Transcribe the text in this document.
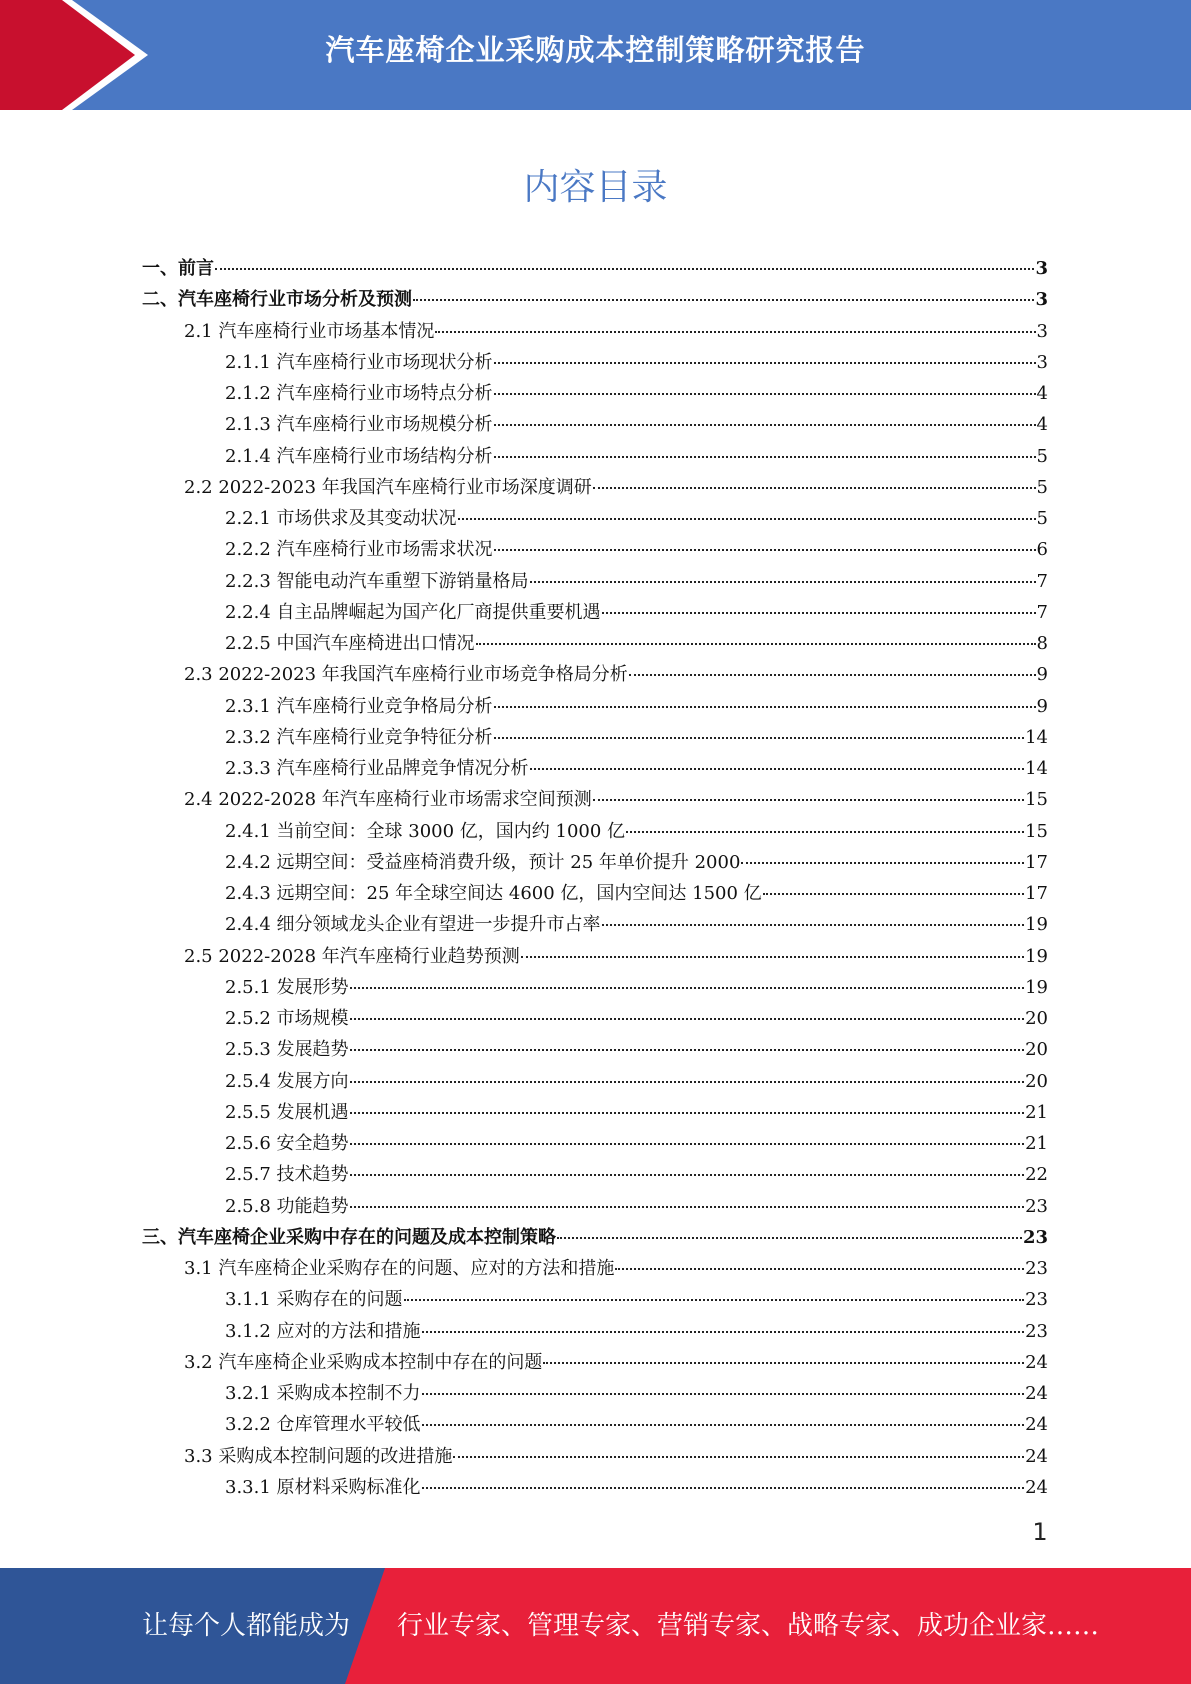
汽车座椅企业采购成本控制策略研究报告
内容目录
一、前言	3
二、汽车座椅行业市场分析及预测	3
2.1 汽车座椅行业市场基本情况	3
2.1.1 汽车座椅行业市场现状分析	3
2.1.2 汽车座椅行业市场特点分析	4
2.1.3 汽车座椅行业市场规模分析	4
2.1.4 汽车座椅行业市场结构分析	5
2.2 2022-2023 年我国汽车座椅行业市场深度调研	5
2.2.1 市场供求及其变动状况	5
2.2.2 汽车座椅行业市场需求状况	6
2.2.3 智能电动汽车重塑下游销量格局	7
2.2.4 自主品牌崛起为国产化厂商提供重要机遇	7
2.2.5 中国汽车座椅进出口情况	8
2.3 2022-2023 年我国汽车座椅行业市场竞争格局分析	9
2.3.1 汽车座椅行业竞争格局分析	9
2.3.2 汽车座椅行业竞争特征分析	14
2.3.3 汽车座椅行业品牌竞争情况分析	14
2.4 2022-2028 年汽车座椅行业市场需求空间预测	15
2.4.1 当前空间：全球 3000 亿，国内约 1000 亿	15
2.4.2 远期空间：受益座椅消费升级，预计 25 年单价提升 2000	17
2.4.3 远期空间：25 年全球空间达 4600 亿，国内空间达 1500 亿	17
2.4.4 细分领域龙头企业有望进一步提升市占率	19
2.5 2022-2028 年汽车座椅行业趋势预测	19
2.5.1 发展形势	19
2.5.2 市场规模	20
2.5.3 发展趋势	20
2.5.4 发展方向	20
2.5.5 发展机遇	21
2.5.6 安全趋势	21
2.5.7 技术趋势	22
2.5.8 功能趋势	23
三、汽车座椅企业采购中存在的问题及成本控制策略	23
3.1 汽车座椅企业采购存在的问题、应对的方法和措施	23
3.1.1 采购存在的问题	23
3.1.2 应对的方法和措施	23
3.2 汽车座椅企业采购成本控制中存在的问题	24
3.2.1 采购成本控制不力	24
3.2.2 仓库管理水平较低	24
3.3 采购成本控制问题的改进措施	24
3.3.1 原材料采购标准化	24
1
让每个人都能成为 行业专家、管理专家、营销专家、战略专家、成功企业家……
